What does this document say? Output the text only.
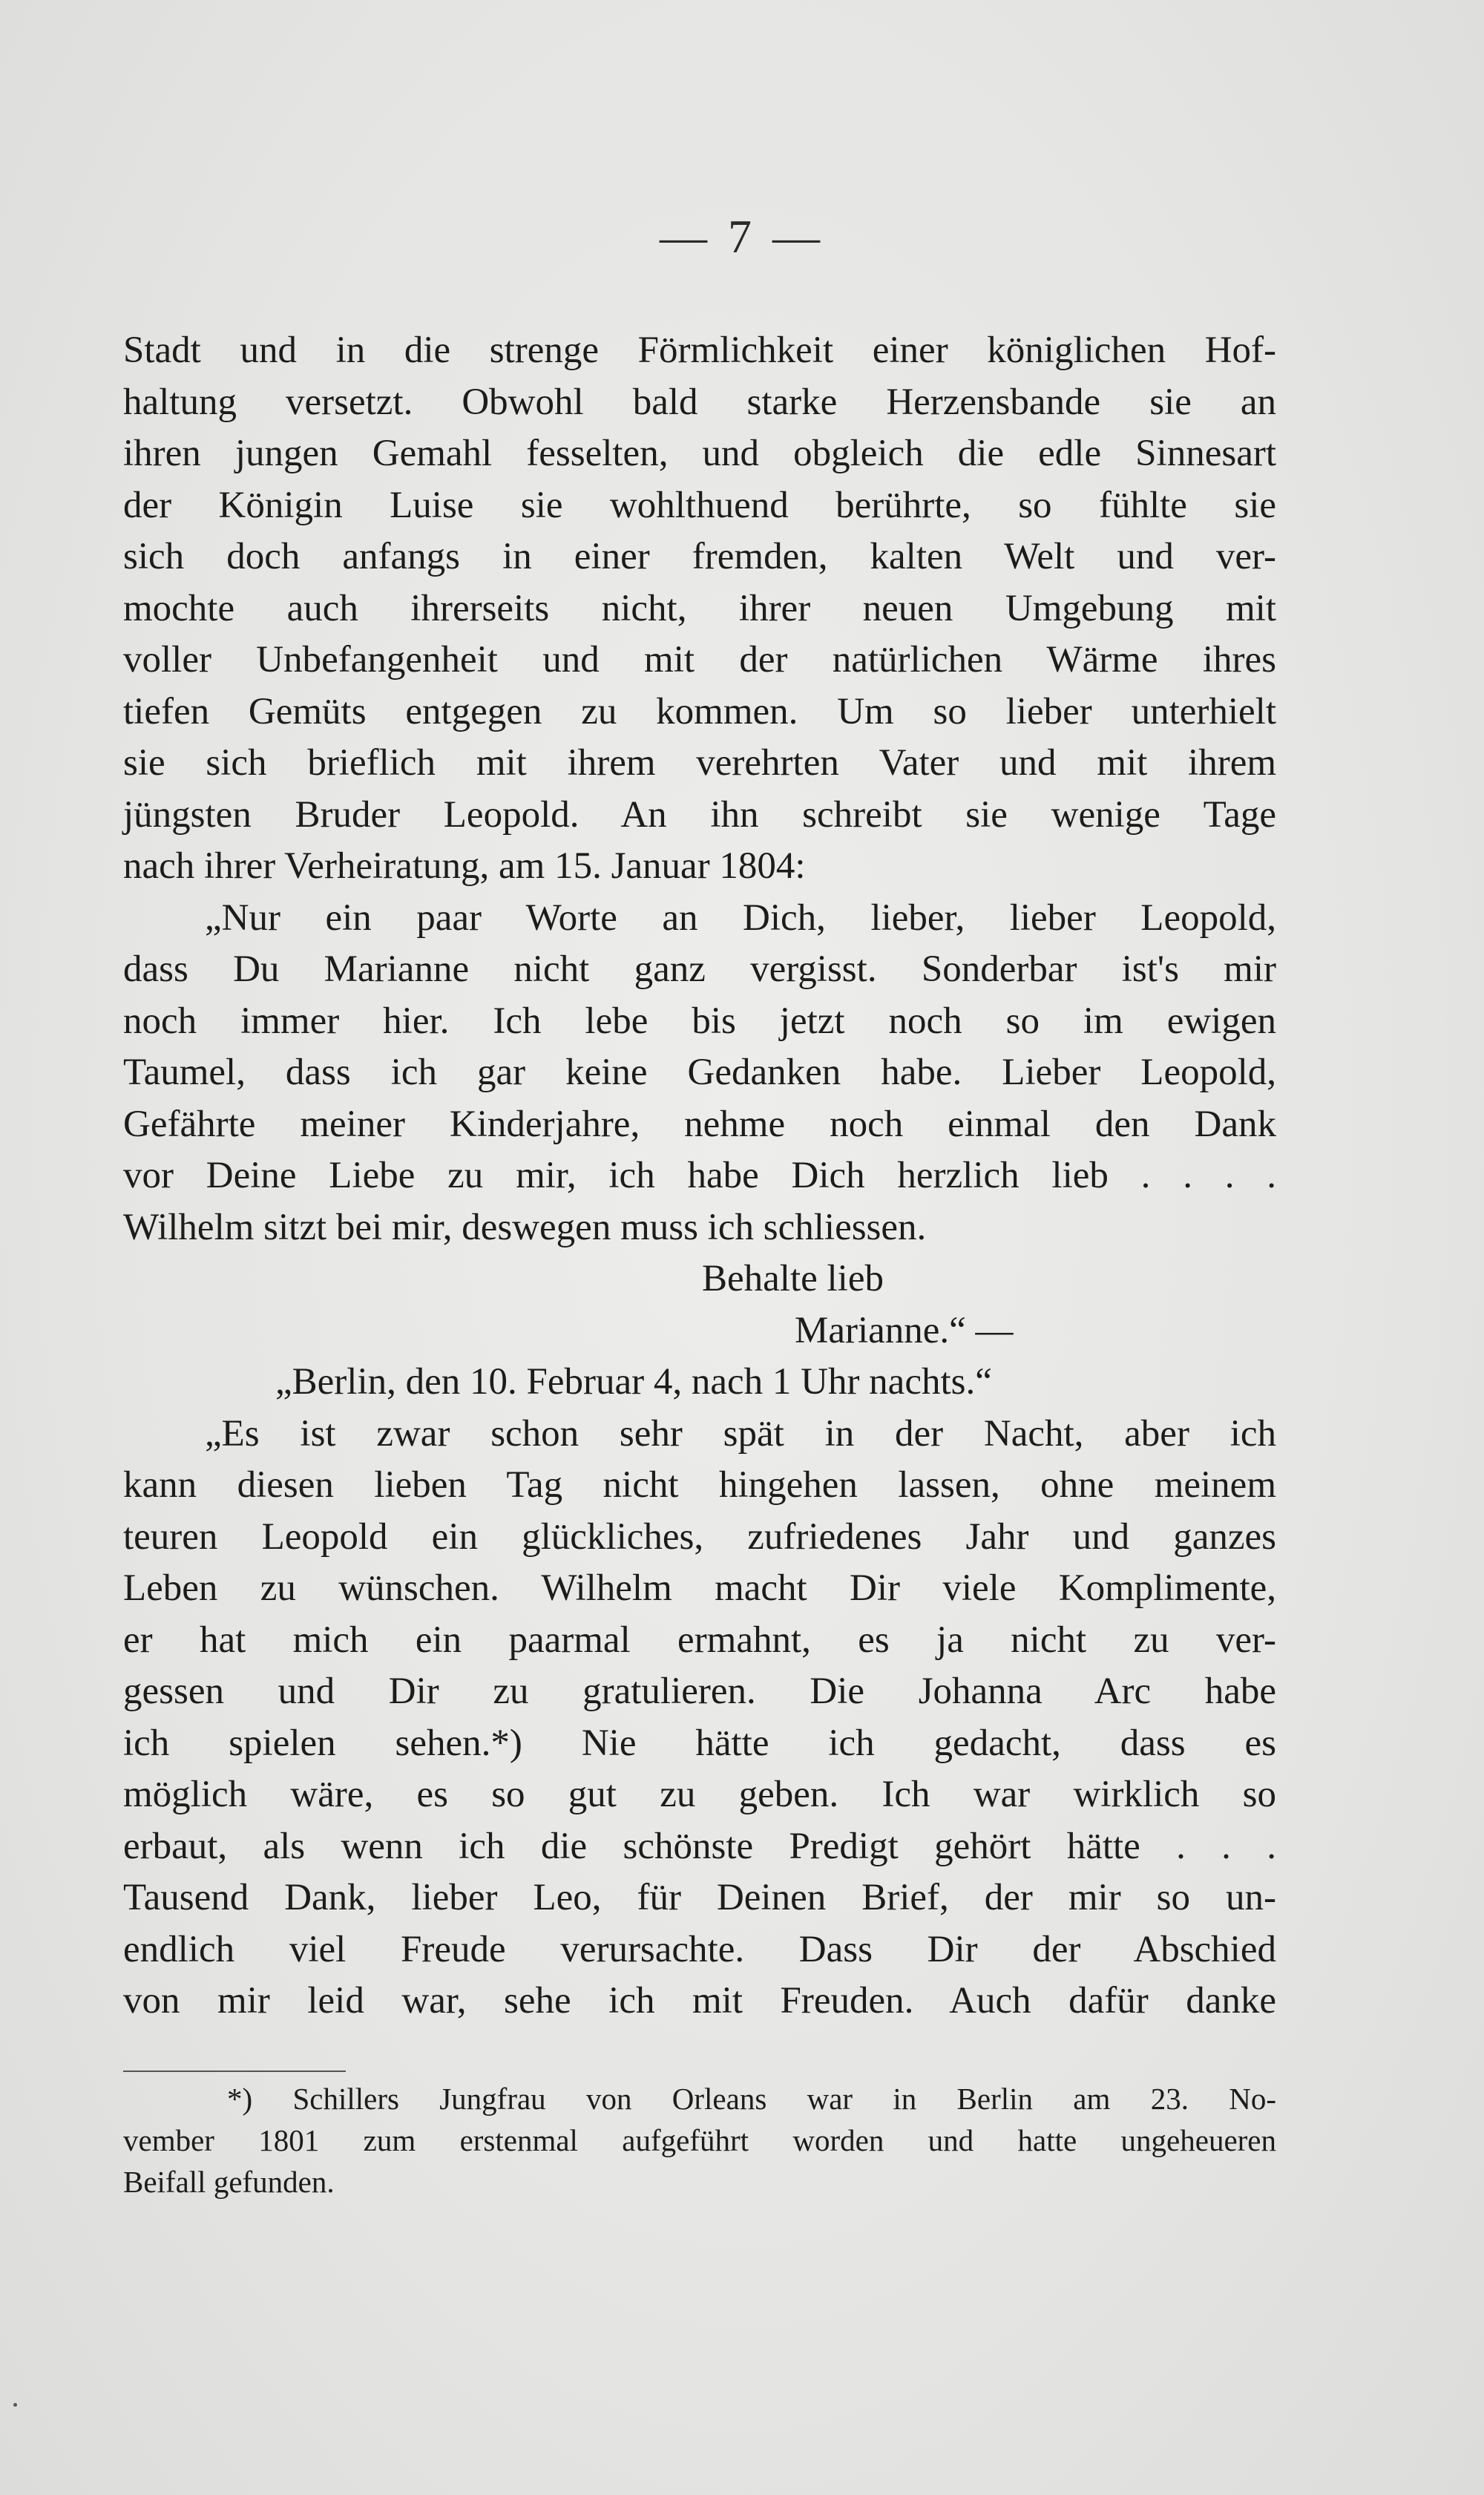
— 7 —
Stadt und in die strenge Förmlichkeit einer königlichen Hof-
haltung versetzt. Obwohl bald starke Herzensbande sie an
ihren jungen Gemahl fesselten, und obgleich die edle Sinnesart
der Königin Luise sie wohlthuend berührte, so fühlte sie
sich doch anfangs in einer fremden, kalten Welt und ver-
mochte auch ihrerseits nicht, ihrer neuen Umgebung mit
voller Unbefangenheit und mit der natürlichen Wärme ihres
tiefen Gemüts entgegen zu kommen. Um so lieber unterhielt
sie sich brieflich mit ihrem verehrten Vater und mit ihrem
jüngsten Bruder Leopold. An ihn schreibt sie wenige Tage
nach ihrer Verheiratung, am 15. Januar 1804:
„Nur ein paar Worte an Dich, lieber, lieber Leopold,
dass Du Marianne nicht ganz vergisst. Sonderbar ist's mir
noch immer hier. Ich lebe bis jetzt noch so im ewigen
Taumel, dass ich gar keine Gedanken habe. Lieber Leopold,
Gefährte meiner Kinderjahre, nehme noch einmal den Dank
vor Deine Liebe zu mir, ich habe Dich herzlich lieb . . . .
Wilhelm sitzt bei mir, deswegen muss ich schliessen.
Behalte lieb
Marianne.“ —
„Berlin, den 10. Februar 4, nach 1 Uhr nachts.“
„Es ist zwar schon sehr spät in der Nacht, aber ich
kann diesen lieben Tag nicht hingehen lassen, ohne meinem
teuren Leopold ein glückliches, zufriedenes Jahr und ganzes
Leben zu wünschen. Wilhelm macht Dir viele Komplimente,
er hat mich ein paarmal ermahnt, es ja nicht zu ver-
gessen und Dir zu gratulieren. Die Johanna Arc habe
ich spielen sehen.*) Nie hätte ich gedacht, dass es
möglich wäre, es so gut zu geben. Ich war wirklich so
erbaut, als wenn ich die schönste Predigt gehört hätte . . .
Tausend Dank, lieber Leo, für Deinen Brief, der mir so un-
endlich viel Freude verursachte. Dass Dir der Abschied
von mir leid war, sehe ich mit Freuden. Auch dafür danke
*) Schillers Jungfrau von Orleans war in Berlin am 23. No-
vember 1801 zum erstenmal aufgeführt worden und hatte ungeheueren
Beifall gefunden.
